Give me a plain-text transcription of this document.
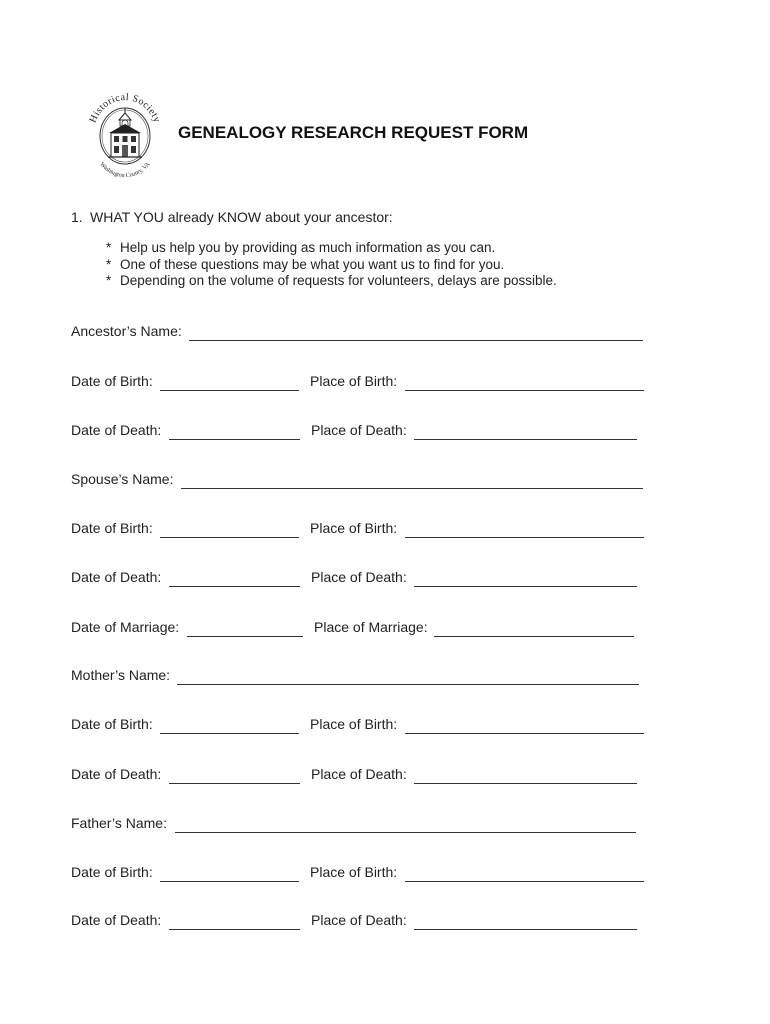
Historical Society
Washington County, VA
GENEALOGY RESEARCH REQUEST FORM
1. WHAT YOU already KNOW about your ancestor:
* Help us help you by providing as much information as you can.
* One of these questions may be what you want us to find for you.
* Depending on the volume of requests for volunteers, delays are possible.
Ancestor’s Name:
Date of Birth:	Place of Birth:
Date of Death:	Place of Death:
Spouse’s Name:
Date of Birth:	Place of Birth:
Date of Death:	Place of Death:
Date of Marriage:	Place of Marriage:
Mother’s Name:
Date of Birth:	Place of Birth:
Date of Death:	Place of Death:
Father’s Name:
Date of Birth:	Place of Birth:
Date of Death:	Place of Death:
